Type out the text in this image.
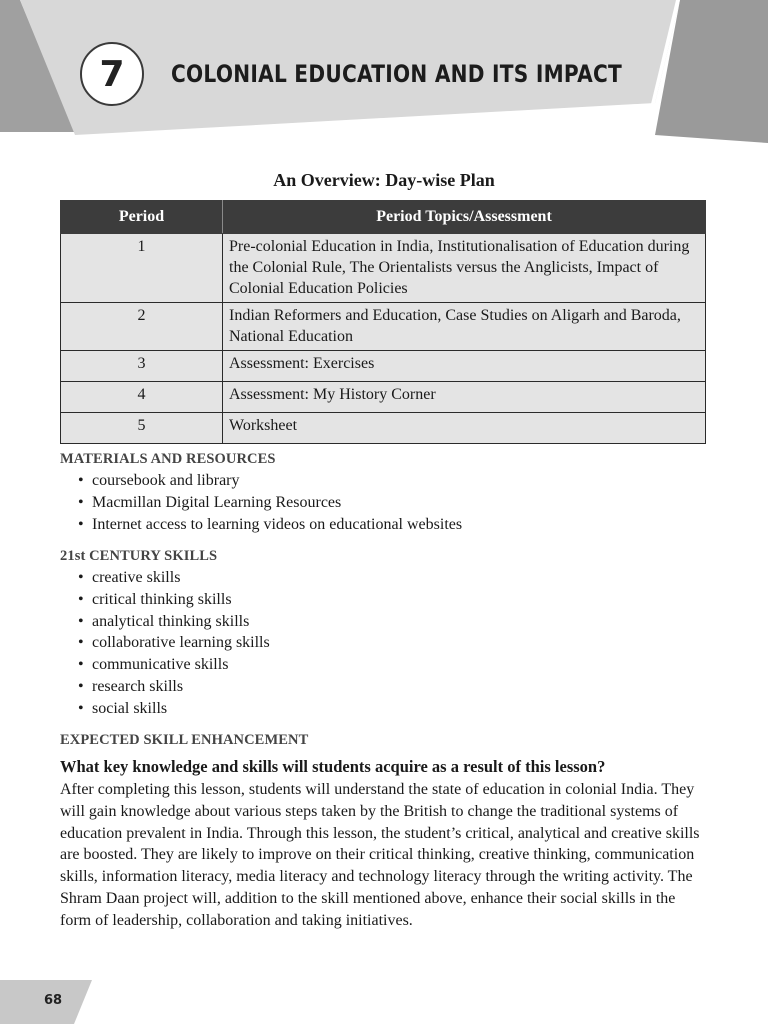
7 COLONIAL EDUCATION AND ITS IMPACT
An Overview: Day-wise Plan
Period	Period Topics/Assessment
1	Pre-colonial Education in India, Institutionalisation of Education during the Colonial Rule, The Orientalists versus the Anglicists, Impact of Colonial Education Policies
2	Indian Reformers and Education, Case Studies on Aligarh and Baroda, National Education
3	Assessment: Exercises
4	Assessment: My History Corner
5	Worksheet
MATERIALS AND RESOURCES
• coursebook and library
• Macmillan Digital Learning Resources
• Internet access to learning videos on educational websites
21st CENTURY SKILLS
• creative skills
• critical thinking skills
• analytical thinking skills
• collaborative learning skills
• communicative skills
• research skills
• social skills
EXPECTED SKILL ENHANCEMENT
What key knowledge and skills will students acquire as a result of this lesson?

After completing this lesson, students will understand the state of education in colonial India. They will gain knowledge about various steps taken by the British to change the traditional systems of education prevalent in India. Through this lesson, the student’s critical, analytical and creative skills are boosted. They are likely to improve on their critical thinking, creative thinking, communication skills, information literacy, media literacy and technology literacy through the writing activity. The Shram Daan project will, addition to the skill mentioned above, enhance their social skills in the form of leadership, collaboration and taking initiatives.

68
